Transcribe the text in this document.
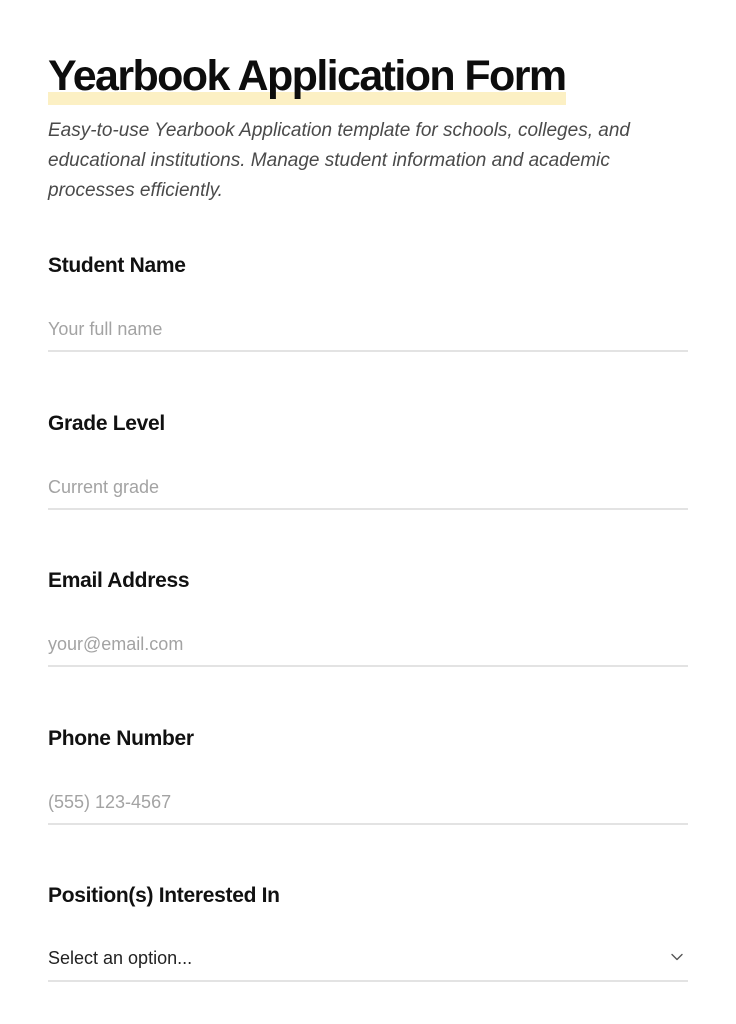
Yearbook Application Form

Easy-to-use Yearbook Application template for schools, colleges, and educational institutions. Manage student information and academic processes efficiently.

Student Name
Your full name
Grade Level
Current grade
Email Address
your@email.com
Phone Number
(555) 123-4567
Position(s) Interested In
Select an option...
